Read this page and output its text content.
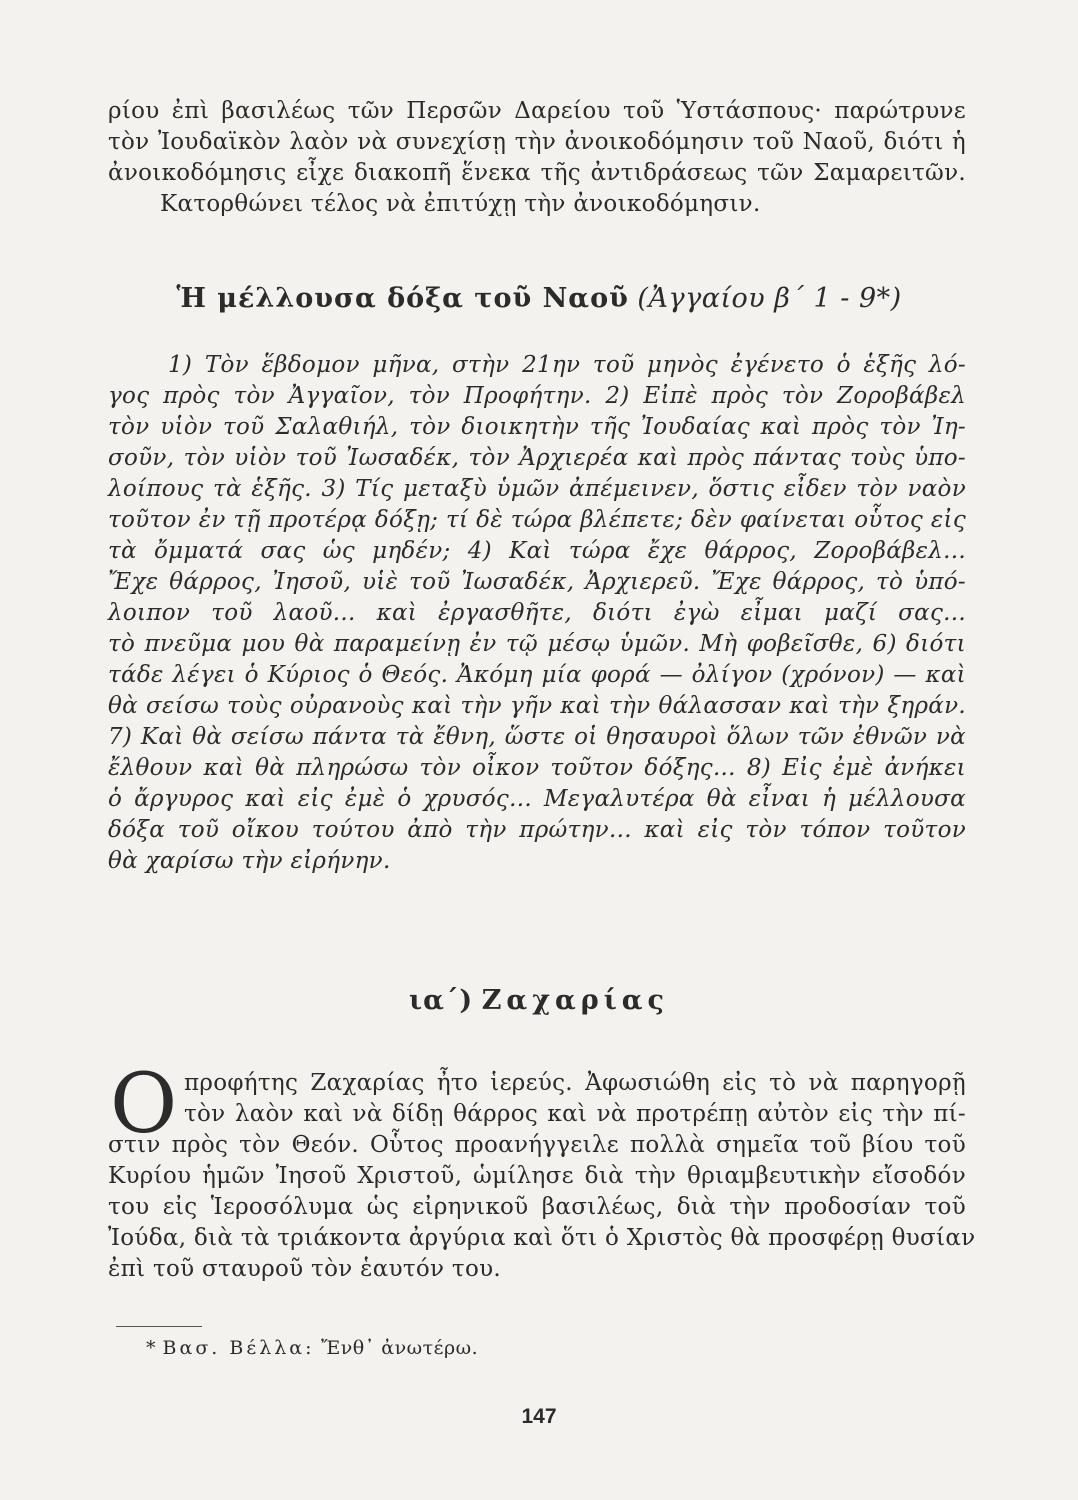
ρίου ἐπὶ βασιλέως τῶν Περσῶν Δαρείου τοῦ Ὑστάσπους· παρώτρυνε
τὸν Ἰουδαϊκὸν λαὸν νὰ συνεχίσῃ τὴν ἀνοικοδόμησιν τοῦ Ναοῦ, διότι ἡ
ἀνοικοδόμησις εἶχε διακοπῆ ἕνεκα τῆς ἀντιδράσεως τῶν Σαμαρειτῶν.
Κατορθώνει τέλος νὰ ἐπιτύχῃ τὴν ἀνοικοδόμησιν.
Ἡ μέλλουσα δόξα τοῦ Ναοῦ (Ἀγγαίου β΄ 1 - 9*)
1) Τὸν ἕβδομον μῆνα, στὴν 21ην τοῦ μηνὸς ἐγένετο ὁ ἑξῆς λό-
γος πρὸς τὸν Ἀγγαῖον, τὸν Προφήτην. 2) Εἰπὲ πρὸς τὸν Ζοροβάβελ
τὸν υἱὸν τοῦ Σαλαθιήλ, τὸν διοικητὴν τῆς Ἰουδαίας καὶ πρὸς τὸν Ἰη-
σοῦν, τὸν υἱὸν τοῦ Ἰωσαδέκ, τὸν Ἀρχιερέα καὶ πρὸς πάντας τοὺς ὑπο-
λοίπους τὰ ἑξῆς. 3) Τίς μεταξὺ ὑμῶν ἀπέμεινεν, ὅστις εἶδεν τὸν ναὸν
τοῦτον ἐν τῇ προτέρᾳ δόξῃ; τί δὲ τώρα βλέπετε; δὲν φαίνεται οὗτος εἰς
τὰ ὄμματά σας ὡς μηδέν; 4) Καὶ τώρα ἔχε θάρρος, Ζοροβάβελ...
Ἔχε θάρρος, Ἰησοῦ, υἱὲ τοῦ Ἰωσαδέκ, Ἀρχιερεῦ. Ἔχε θάρρος, τὸ ὑπό-
λοιπον τοῦ λαοῦ... καὶ ἐργασθῆτε, διότι ἐγὼ εἶμαι μαζί σας...
τὸ πνεῦμα μου θὰ παραμείνῃ ἐν τῷ μέσῳ ὑμῶν. Μὴ φοβεῖσθε, 6) διότι
τάδε λέγει ὁ Κύριος ὁ Θεός. Ἀκόμη μία φορά — ὀλίγον (χρόνον) — καὶ
θὰ σείσω τοὺς οὐρανοὺς καὶ τὴν γῆν καὶ τὴν θάλασσαν καὶ τὴν ξηράν.
7) Καὶ θὰ σείσω πάντα τὰ ἔθνη, ὥστε οἱ θησαυροὶ ὅλων τῶν ἐθνῶν νὰ
ἔλθουν καὶ θὰ πληρώσω τὸν οἶκον τοῦτον δόξης... 8) Εἰς ἐμὲ ἀνήκει
ὁ ἄργυρος καὶ εἰς ἐμὲ ὁ χρυσός... Μεγαλυτέρα θὰ εἶναι ἡ μέλλουσα
δόξα τοῦ οἴκου τούτου ἀπὸ τὴν πρώτην... καὶ εἰς τὸν τόπον τοῦτον
θὰ χαρίσω τὴν εἰρήνην.
ια΄) Ζαχαρίας
Ο προφήτης Ζαχαρίας ἦτο ἱερεύς. Ἀφωσιώθη εἰς τὸ νὰ παρηγορῇ
τὸν λαὸν καὶ νὰ δίδῃ θάρρος καὶ νὰ προτρέπῃ αὐτὸν εἰς τὴν πί-
στιν πρὸς τὸν Θεόν. Οὗτος προανήγγειλε πολλὰ σημεῖα τοῦ βίου τοῦ
Κυρίου ἡμῶν Ἰησοῦ Χριστοῦ, ὡμίλησε διὰ τὴν θριαμβευτικὴν εἴσοδόν
του εἰς Ἱεροσόλυμα ὡς εἰρηνικοῦ βασιλέως, διὰ τὴν προδοσίαν τοῦ
Ἰούδα, διὰ τὰ τριάκοντα ἀργύρια καὶ ὅτι ὁ Χριστὸς θὰ προσφέρῃ θυσίαν
ἐπὶ τοῦ σταυροῦ τὸν ἑαυτόν του.
* Βασ. Βέλλα: Ἔνθ᾿ ἀνωτέρω.
147
